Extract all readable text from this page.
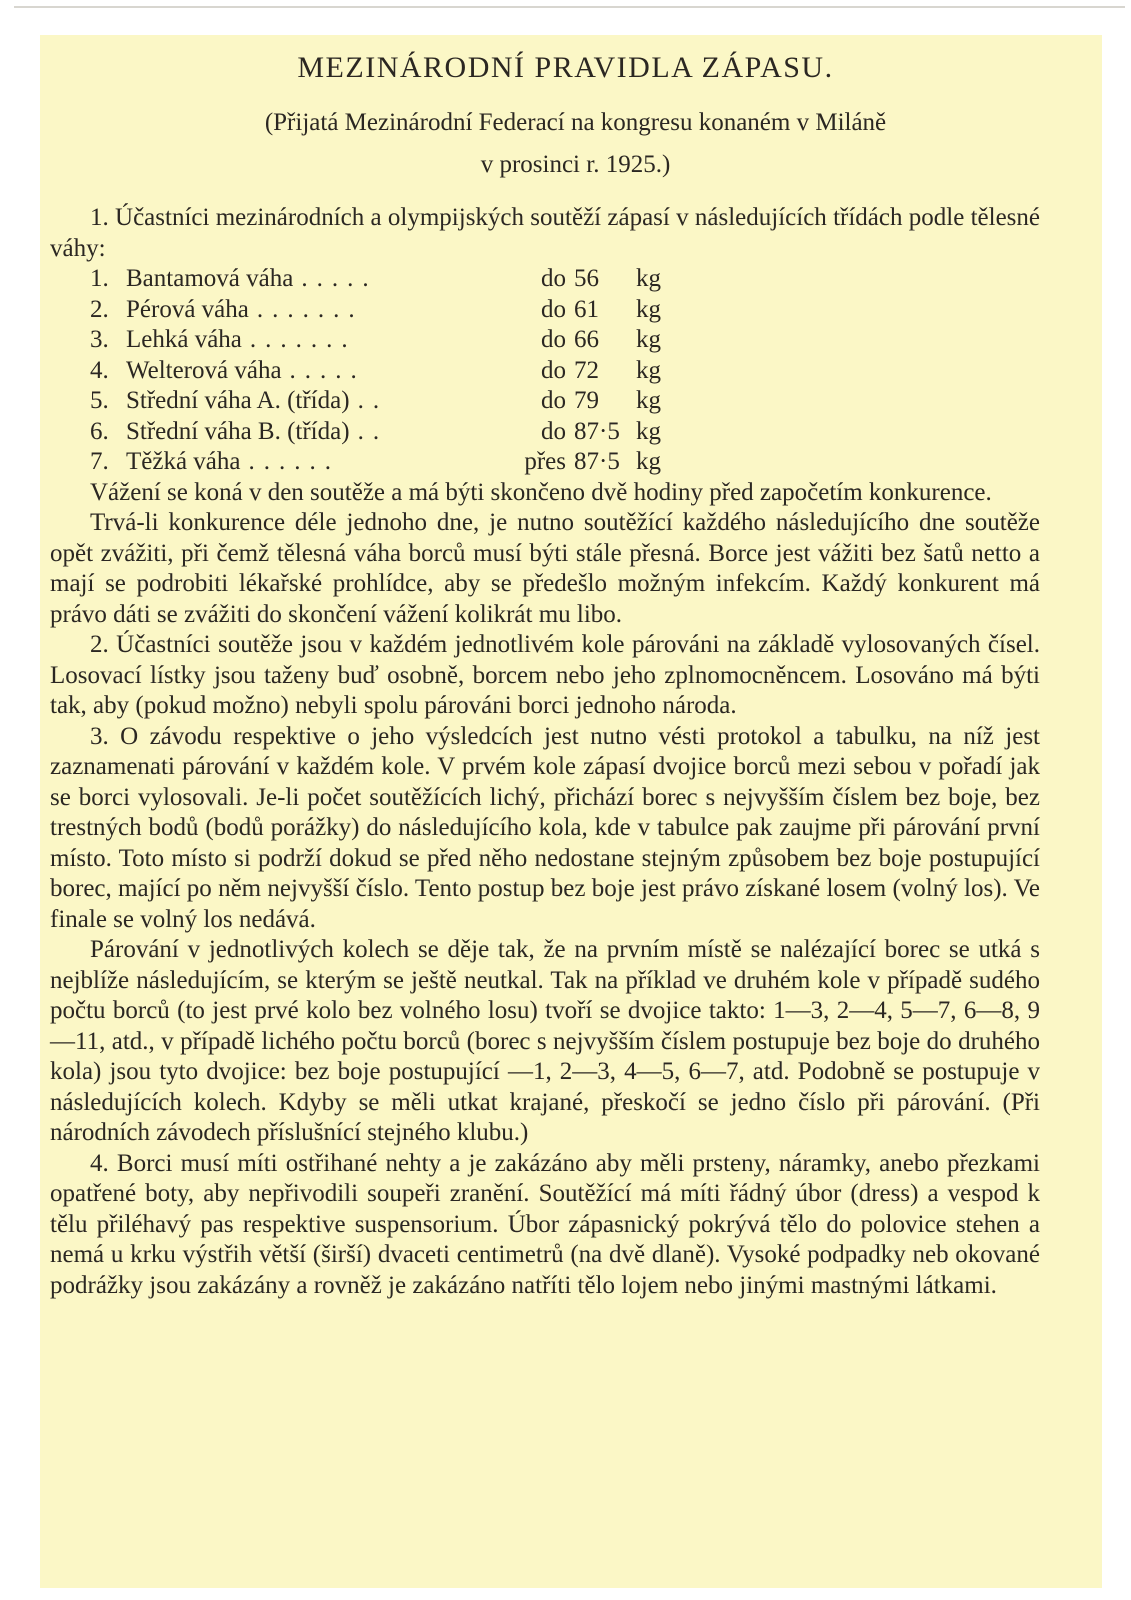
MEZINÁRODNÍ PRAVIDLA ZÁPASU.

(Přijatá Mezinárodní Federací na kongresu konaném v Miláně

v prosinci r. 1925.)

1. Účastníci mezinárodních a olympijských soutěží zápasí v následujících třídách podle tělesné váhy:

1. Bantamová váha .....	do 56	kg
2. Pérová váha .......	do 61	kg
3. Lehká váha .......	do 66	kg
4. Welterová váha .....	do 72	kg
5. Střední váha A. (třída) ..	do 79	kg
6. Střední váha B. (třída) ..	do 87·5 kg
7. Těžká váha ......	přes 87·5 kg

Vážení se koná v den soutěže a má býti skončeno dvě hodiny před započetím konkurence.

Trvá-li konkurence déle jednoho dne, je nutno soutěžící každého následujícího dne soutěže opět zvážiti, při čemž tělesná váha borců musí býti stále přesná. Borce jest vážiti bez šatů netto a mají se podrobiti lékařské prohlídce, aby se předešlo možným infekcím. Každý konkurent má právo dáti se zvážiti do skončení vážení kolikrát mu libo.

2. Účastníci soutěže jsou v každém jednotlivém kole párováni na základě vylosovaných čísel. Losovací lístky jsou taženy buď osobně, borcem nebo jeho zplnomocněncem. Losováno má býti tak, aby (pokud možno) nebyli spolu párováni borci jednoho národa.

3. O závodu respektive o jeho výsledcích jest nutno vésti protokol a tabulku, na níž jest zaznamenati párování v každém kole. V prvém kole zápasí dvojice borců mezi sebou v pořadí jak se borci vylosovali. Je-li počet soutěžících lichý, přichází borec s nejvyšším číslem bez boje, bez trestných bodů (bodů porážky) do následujícího kola, kde v tabulce pak zaujme při párování první místo. Toto místo si podrží dokud se před něho nedostane stejným způsobem bez boje postupující borec, mající po něm nejvyšší číslo. Tento postup bez boje jest právo získané losem (volný los). Ve finale se volný los nedává.

Párování v jednotlivých kolech se děje tak, že na prvním místě se nalézající borec se utká s nejblíže následujícím, se kterým se ještě neutkal. Tak na příklad ve druhém kole v případě sudého počtu borců (to jest prvé kolo bez volného losu) tvoří se dvojice takto: 1—3, 2—4, 5—7, 6—8, 9—11, atd., v případě lichého počtu borců (borec s nejvyšším číslem postupuje bez boje do druhého kola) jsou tyto dvojice: bez boje postupující —1, 2—3, 4—5, 6—7, atd. Podobně se postupuje v následujících kolech. Kdyby se měli utkat krajané, přeskočí se jedno číslo při párování. (Při národních závodech příslušnící stejného klubu.)

4. Borci musí míti ostřihané nehty a je zakázáno aby měli prsteny, náramky, anebo přezkami opatřené boty, aby nepřivodili soupeři zranění. Soutěžící má míti řádný úbor (dress) a vespod k tělu přiléhavý pas respektive suspensorium. Úbor zápasnický pokrývá tělo do polovice stehen a nemá u krku výstřih větší (širší) dvaceti centimetrů (na dvě dlaně). Vysoké podpadky neb okované podrážky jsou zakázány a rovněž je zakázáno natříti tělo lojem nebo jinými mastnými látkami.
